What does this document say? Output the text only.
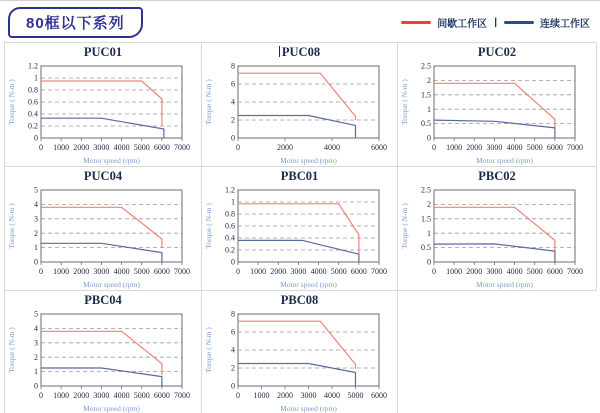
80框以下系列	间歇工作区 |	连续工作区
PUC01
0
0.2
0.4
0.6
0.8
1
1.2
0 1000 2000 3000 4000 5000 6000 7000
Torque ( N-m )
Motor speed (rpm)
PUC08
0
2
4
6
8
0	2000	4000	6000
Torque ( N-m )
Motor speed (rpm)
PUC02
0
0.5
1
1.5
2
2.5
0 1000 2000 3000 4000 5000 6000 7000
Torque ( N-m )
Motor speed (rpm)
PUC04
0
1
2
3
4
5
0 1000 2000 3000 4000 5000 6000 7000
Torque ( N-m )
Motor speed (rpm)
PBC01
0
0.2
0.4
0.6
0.8
1
1.2
0 1000 2000 3000 4000 5000 6000 7000
Torque ( N-m )
Motor speed (rpm)
PBC02
0
0.5
1
1.5
2
2.5
0 1000 2000 3000 4000 5000 6000 7000
Torque ( N-m )
Motor speed (rpm)
PBC04
0
1
2
3
4
5
0 1000 2000 3000 4000 5000 6000 7000
Torque ( N-m )
Motor speed (rpm)
PBC08
0
2
4
6
8
0 1000 2000 3000 4000 5000 6000
Torque ( N-m )
Motor speed (rpm)
